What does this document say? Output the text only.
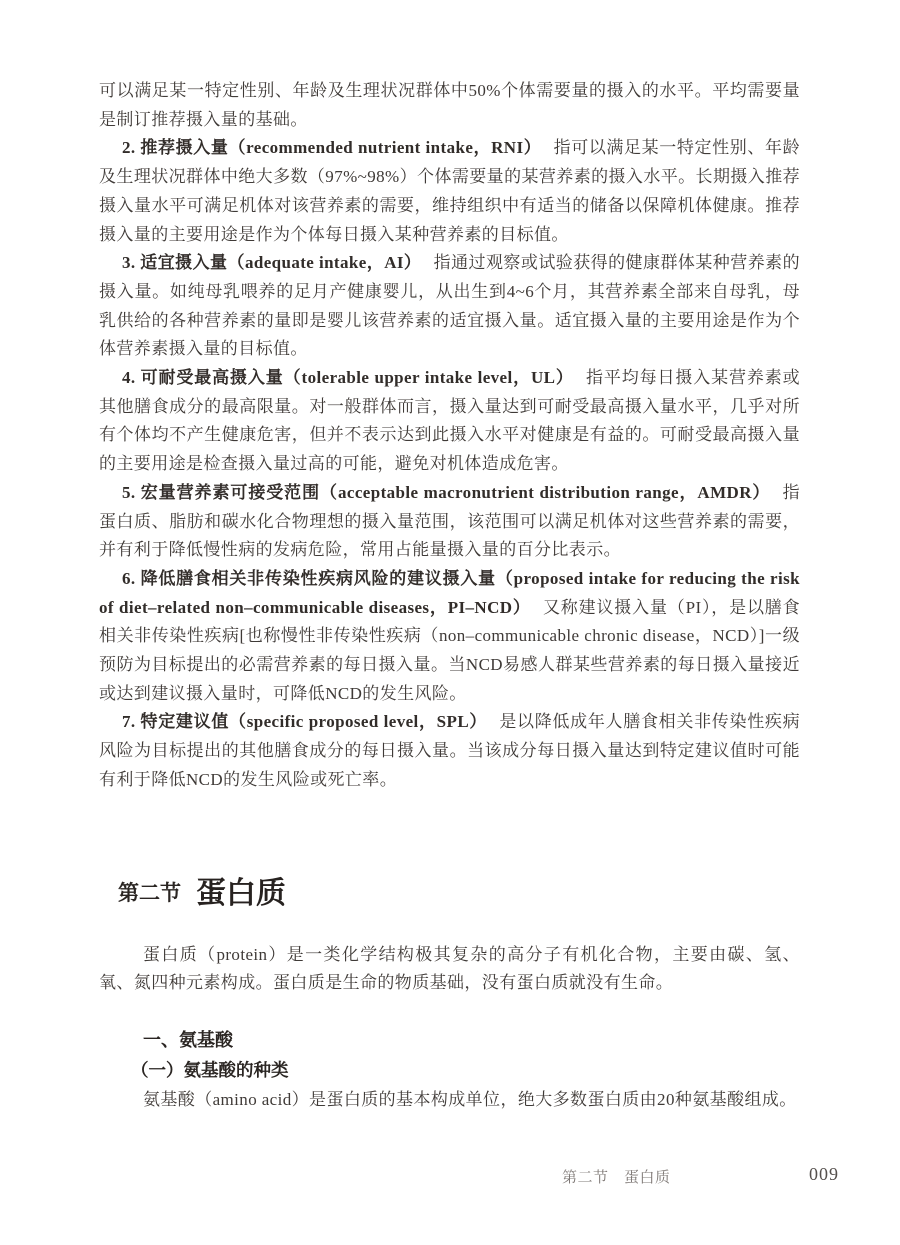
可以满足某一特定性别、年龄及生理状况群体中50%个体需要量的摄入的水平。平均需要量是制订推荐摄入量的基础。

2. 推荐摄入量（recommended nutrient intake，RNI） 指可以满足某一特定性别、年龄及生理状况群体中绝大多数（97%~98%）个体需要量的某营养素的摄入水平。长期摄入推荐摄入量水平可满足机体对该营养素的需要，维持组织中有适当的储备以保障机体健康。推荐摄入量的主要用途是作为个体每日摄入某种营养素的目标值。

3. 适宜摄入量（adequate intake，AI） 指通过观察或试验获得的健康群体某种营养素的摄入量。如纯母乳喂养的足月产健康婴儿，从出生到4~6个月，其营养素全部来自母乳，母乳供给的各种营养素的量即是婴儿该营养素的适宜摄入量。适宜摄入量的主要用途是作为个体营养素摄入量的目标值。

4. 可耐受最高摄入量（tolerable upper intake level，UL） 指平均每日摄入某营养素或其他膳食成分的最高限量。对一般群体而言，摄入量达到可耐受最高摄入量水平，几乎对所有个体均不产生健康危害，但并不表示达到此摄入水平对健康是有益的。可耐受最高摄入量的主要用途是检查摄入量过高的可能，避免对机体造成危害。

5. 宏量营养素可接受范围（acceptable macronutrient distribution range，AMDR） 指蛋白质、脂肪和碳水化合物理想的摄入量范围，该范围可以满足机体对这些营养素的需要，并有利于降低慢性病的发病危险，常用占能量摄入量的百分比表示。

6. 降低膳食相关非传染性疾病风险的建议摄入量（proposed intake for reducing the risk of diet–related non–communicable diseases，PI–NCD） 又称建议摄入量（PI），是以膳食相关非传染性疾病[也称慢性非传染性疾病（non–communicable chronic disease，NCD）]一级预防为目标提出的必需营养素的每日摄入量。当NCD易感人群某些营养素的每日摄入量接近或达到建议摄入量时，可降低NCD的发生风险。

7. 特定建议值（specific proposed level，SPL） 是以降低成年人膳食相关非传染性疾病风险为目标提出的其他膳食成分的每日摄入量。当该成分每日摄入量达到特定建议值时可能有利于降低NCD的发生风险或死亡率。

第二节 蛋白质

蛋白质（protein）是一类化学结构极其复杂的高分子有机化合物，主要由碳、氢、氧、氮四种元素构成。蛋白质是生命的物质基础，没有蛋白质就没有生命。

一、氨基酸
（一）氨基酸的种类

氨基酸（amino acid）是蛋白质的基本构成单位，绝大多数蛋白质由20种氨基酸组成。

第二节　蛋白质	009
